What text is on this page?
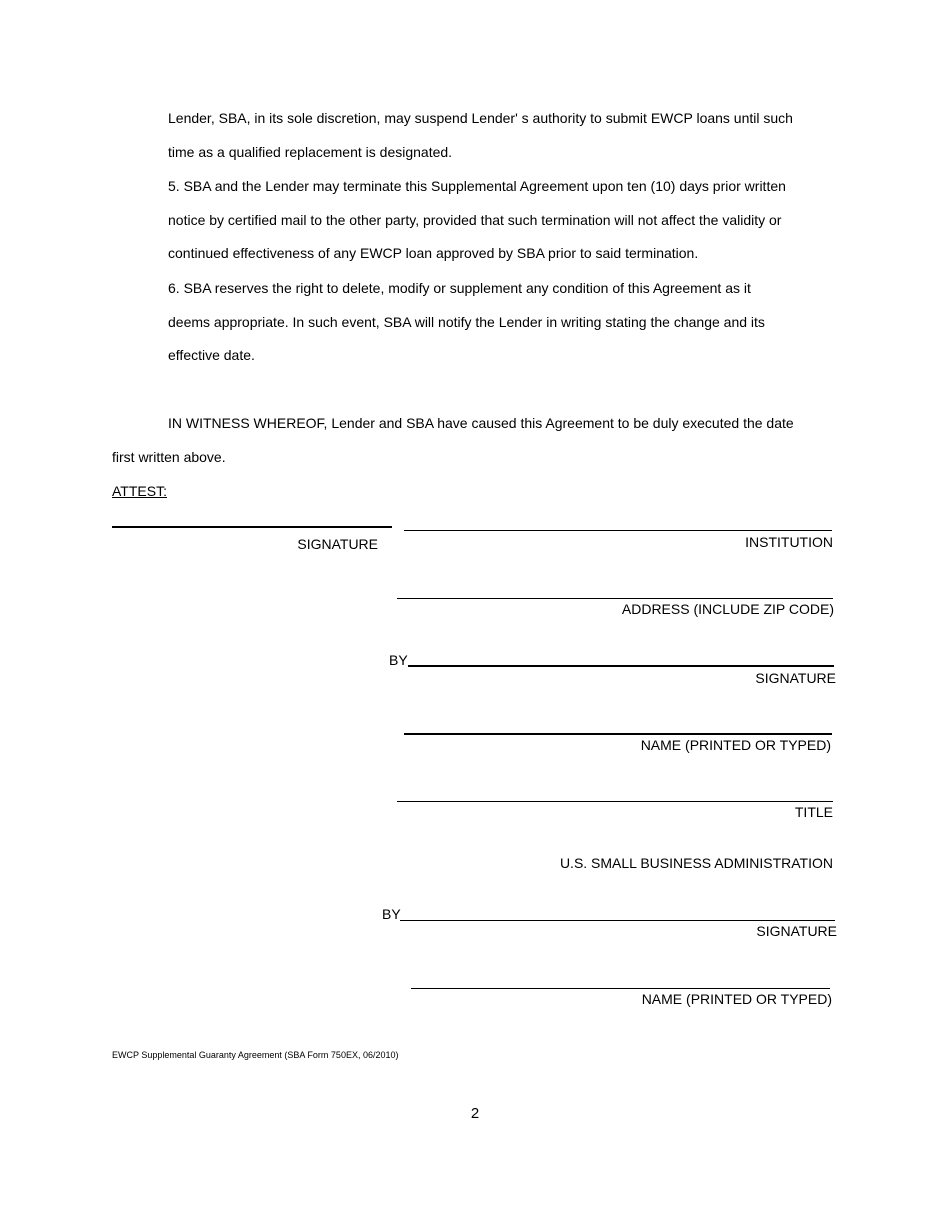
Lender, SBA, in its sole discretion, may suspend Lender' s authority to submit EWCP loans until such
time as a qualified replacement is designated.
5. SBA and the Lender may terminate this Supplemental Agreement upon ten (10) days prior written
notice by certified mail to the other party, provided that such termination will not affect the validity or
continued effectiveness of any EWCP loan approved by SBA prior to said termination.
6. SBA reserves the right to delete, modify or supplement any condition of this Agreement as it
deems appropriate. In such event, SBA will notify the Lender in writing stating the change and its
effective date.
IN WITNESS WHEREOF, Lender and SBA have caused this Agreement to be duly executed the date
first written above.
ATTEST:
SIGNATURE	INSTITUTION
ADDRESS (INCLUDE ZIP CODE)
BY
SIGNATURE
NAME (PRINTED OR TYPED)
TITLE
U.S. SMALL BUSINESS ADMINISTRATION
BY
SIGNATURE
NAME (PRINTED OR TYPED)
EWCP Supplemental Guaranty Agreement (SBA Form 750EX, 06/2010)
2
